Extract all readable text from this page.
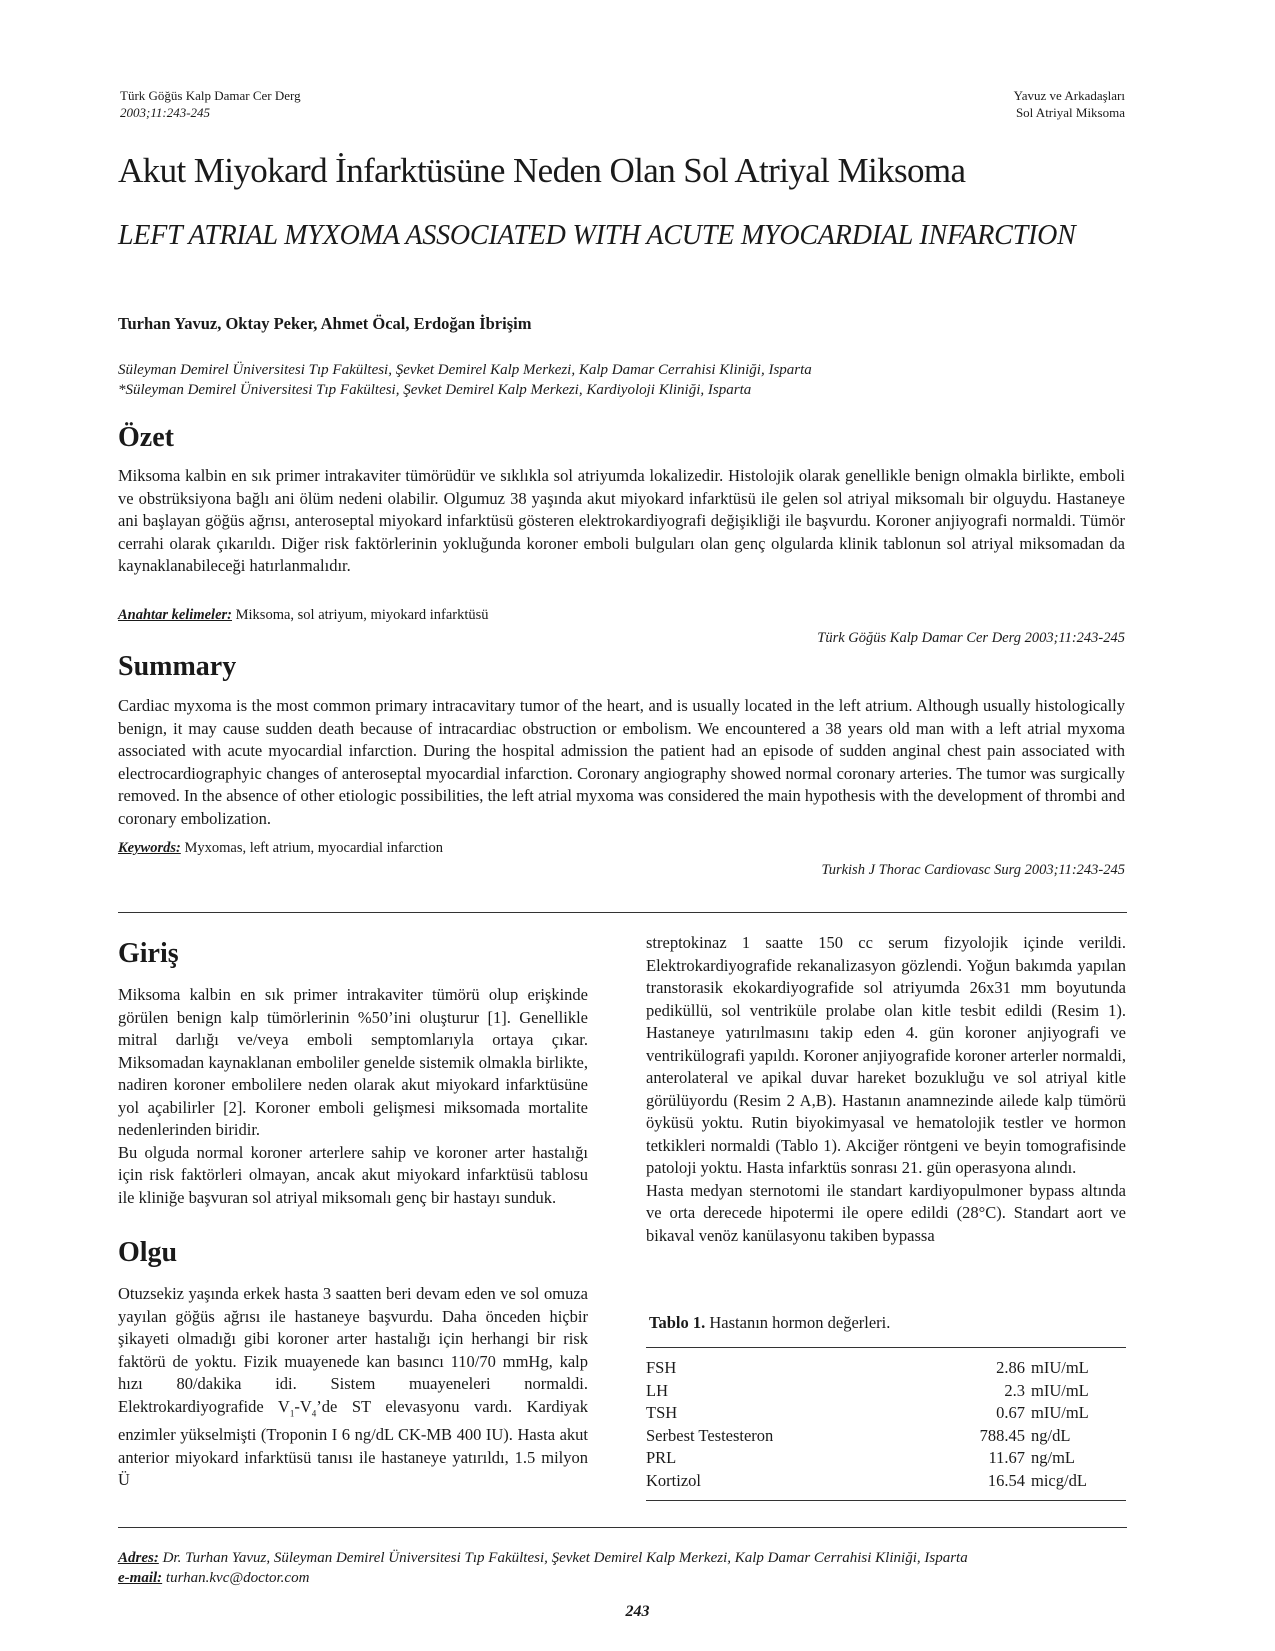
Türk Göğüs Kalp Damar Cer Derg
2003;11:243-245
Yavuz ve Arkadaşları
Sol Atriyal Miksoma
Akut Miyokard İnfarktüsüne Neden Olan Sol Atriyal Miksoma
LEFT ATRIAL MYXOMA ASSOCIATED WITH ACUTE MYOCARDIAL INFARCTION
Turhan Yavuz, Oktay Peker, Ahmet Öcal, Erdoğan İbrişim
Süleyman Demirel Üniversitesi Tıp Fakültesi, Şevket Demirel Kalp Merkezi, Kalp Damar Cerrahisi Kliniği, Isparta
*Süleyman Demirel Üniversitesi Tıp Fakültesi, Şevket Demirel Kalp Merkezi, Kardiyoloji Kliniği, Isparta
Özet
Miksoma kalbin en sık primer intrakaviter tümörüdür ve sıklıkla sol atriyumda lokalizedir. Histolojik olarak genellikle benign olmakla birlikte, emboli ve obstrüksiyona bağlı ani ölüm nedeni olabilir. Olgumuz 38 yaşında akut miyokard infarktüsü ile gelen sol atriyal miksomalı bir olguydu. Hastaneye ani başlayan göğüs ağrısı, anteroseptal miyokard infarktüsü gösteren elektrokardiyografi değişikliği ile başvurdu. Koroner anjiyografi normaldi. Tümör cerrahi olarak çıkarıldı. Diğer risk faktörlerinin yokluğunda koroner emboli bulguları olan genç olgularda klinik tablonun sol atriyal miksomadan da kaynaklanabileceği hatırlanmalıdır.
Anahtar kelimeler: Miksoma, sol atriyum, miyokard infarktüsü
Türk Göğüs Kalp Damar Cer Derg 2003;11:243-245
Summary
Cardiac myxoma is the most common primary intracavitary tumor of the heart, and is usually located in the left atrium. Although usually histologically benign, it may cause sudden death because of intracardiac obstruction or embolism. We encountered a 38 years old man with a left atrial myxoma associated with acute myocardial infarction. During the hospital admission the patient had an episode of sudden anginal chest pain associated with electrocardiographyic changes of anteroseptal myocardial infarction. Coronary angiography showed normal coronary arteries. The tumor was surgically removed. In the absence of other etiologic possibilities, the left atrial myxoma was considered the main hypothesis with the development of thrombi and coronary embolization.
Keywords: Myxomas, left atrium, myocardial infarction
Turkish J Thorac Cardiovasc Surg 2003;11:243-245
Giriş

Miksoma kalbin en sık primer intrakaviter tümörü olup erişkinde görülen benign kalp tümörlerinin %50’ini oluşturur [1]. Genellikle mitral darlığı ve/veya emboli semptomlarıyla ortaya çıkar. Miksomadan kaynaklanan emboliler genelde sistemik olmakla birlikte, nadiren koroner embolilere neden olarak akut miyokard infarktüsüne yol açabilirler [2]. Koroner emboli gelişmesi miksomada mortalite nedenlerinden biridir.

Bu olguda normal koroner arterlere sahip ve koroner arter hastalığı için risk faktörleri olmayan, ancak akut miyokard infarktüsü tablosu ile kliniğe başvuran sol atriyal miksomalı genç bir hastayı sunduk.

Olgu

Otuzsekiz yaşında erkek hasta 3 saatten beri devam eden ve sol omuza yayılan göğüs ağrısı ile hastaneye başvurdu. Daha önceden hiçbir şikayeti olmadığı gibi koroner arter hastalığı için herhangi bir risk faktörü de yoktu. Fizik muayenede kan basıncı 110/70 mmHg, kalp hızı 80/dakika idi. Sistem muayeneleri normaldi. Elektrokardiyografide $V_1-V_4’de$ ST elevasyonu vardı. Kardiyak enzimler yükselmişti (Troponin I 6 ng/dL CK-MB 400 IU). Hasta akut anterior miyokard infarktüsü tanısı ile hastaneye yatırıldı, 1.5 milyon Ü

streptokinaz 1 saatte 150 cc serum fizyolojik içinde verildi. Elektrokardiyografide rekanalizasyon gözlendi. Yoğun bakımda yapılan transtorasik ekokardiyografide sol atriyumda 26x31 mm boyutunda pediküllü, sol ventriküle prolabe olan kitle tesbit edildi (Resim 1). Hastaneye yatırılmasını takip eden 4. gün koroner anjiyografi ve ventrikülografi yapıldı. Koroner anjiyografide koroner arterler normaldi, anterolateral ve apikal duvar hareket bozukluğu ve sol atriyal kitle görülüyordu (Resim 2 A,B). Hastanın anamnezinde ailede kalp tümörü öyküsü yoktu. Rutin biyokimyasal ve hematolojik testler ve hormon tetkikleri normaldi (Tablo 1). Akciğer röntgeni ve beyin tomografisinde patoloji yoktu. Hasta infarktüs sonrası 21. gün operasyona alındı.

Hasta medyan sternotomi ile standart kardiyopulmoner bypass altında ve orta derecede hipotermi ile opere edildi (28°C). Standart aort ve bikaval venöz kanülasyonu takiben bypassa

Tablo 1. Hastanın hormon değerleri.
FSH	2.86	mIU/mL
LH	2.3	mIU/mL
TSH	0.67	mIU/mL
Serbest Testesteron	788.45	ng/dL
PRL	11.67	ng/mL
Kortizol	16.54	micg/dL
Adres: Dr. Turhan Yavuz, Süleyman Demirel Üniversitesi Tıp Fakültesi, Şevket Demirel Kalp Merkezi, Kalp Damar Cerrahisi Kliniği, Isparta
e-mail: turhan.kvc@doctor.com
243
